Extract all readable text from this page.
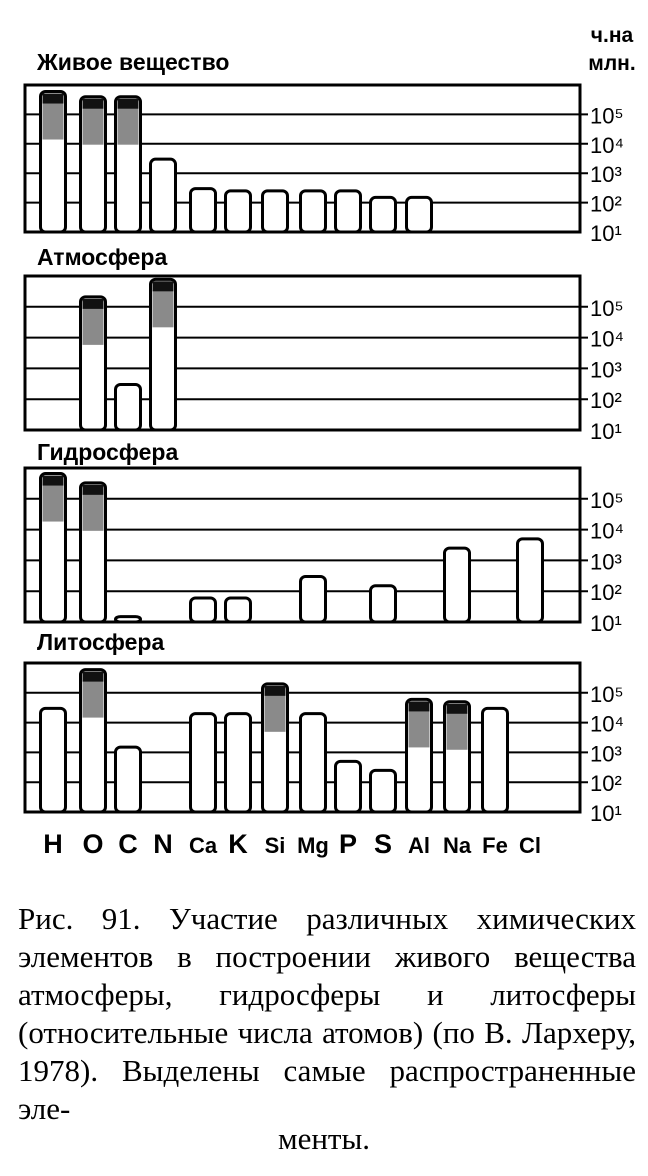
ч.на
млн.
Живое вещество
10¹
10²
10³
10⁴
10⁵
Атмосфера
10¹
10²
10³
10⁴
10⁵
Гидросфера
10¹
10²
10³
10⁴
10⁵
Литосфера
10¹
10²
10³
10⁴
10⁵
H O C N Ca K Si Mg P S Al Na Fe Cl

Рис. 91. Участие различных химических элементов в построении живого вещества атмосферы, гидросферы и литосферы (относительные числа атомов) (по В. Лархеру, 1978). Выделены самые распространенные эле-

менты.
